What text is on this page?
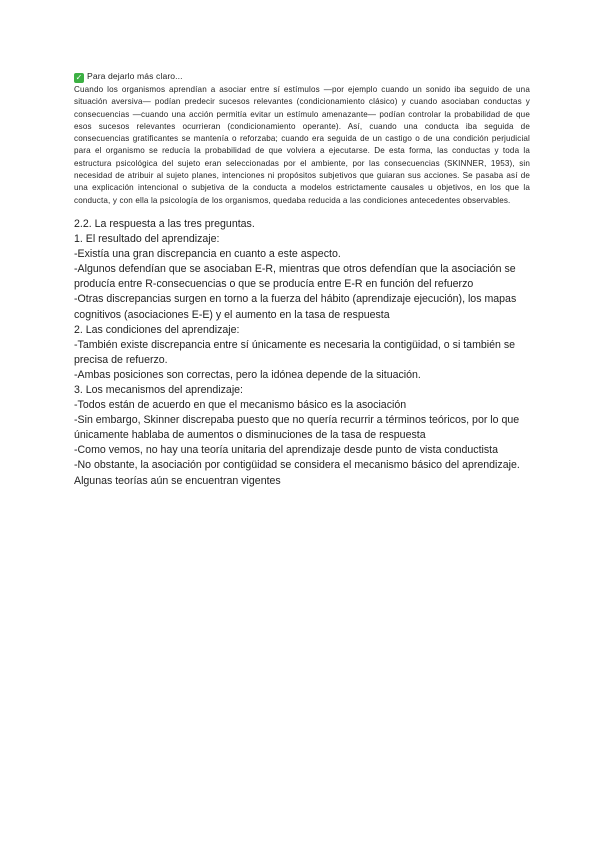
✓ Para dejarlo más claro...

Cuando los organismos aprendían a asociar entre sí estímulos —por ejemplo cuando un sonido iba seguido de una situación aversiva— podían predecir sucesos relevantes (condicionamiento clásico) y cuando asociaban conductas y consecuencias —cuando una acción permitía evitar un estímulo amenazante— podían controlar la probabilidad de que esos sucesos relevantes ocurrieran (condicionamiento operante). Así, cuando una conducta iba seguida de consecuencias gratificantes se mantenía o reforzaba; cuando era seguida de un castigo o de una condición perjudicial para el organismo se reducía la probabilidad de que volviera a ejecutarse. De esta forma, las conductas y toda la estructura psicológica del sujeto eran seleccionadas por el ambiente, por las consecuencias (SKINNER, 1953), sin necesidad de atribuir al sujeto planes, intenciones ni propósitos subjetivos que guiaran sus acciones. Se pasaba así de una explicación intencional o subjetiva de la conducta a modelos estrictamente causales u objetivos, en los que la conducta, y con ella la psicología de los organismos, quedaba reducida a las condiciones antecedentes observables.

2.2. La respuesta a las tres preguntas.

1. El resultado del aprendizaje:

-Existía una gran discrepancia en cuanto a este aspecto.

-Algunos defendían que se asociaban E-R, mientras que otros defendían que la asociación se producía entre R-consecuencias o que se producía entre E-R en función del refuerzo

-Otras discrepancias surgen en torno a la fuerza del hábito (aprendizaje ejecución), los mapas cognitivos (asociaciones E-E) y el aumento en la tasa de respuesta

2. Las condiciones del aprendizaje:

-También existe discrepancia entre sí únicamente es necesaria la contigüidad, o si también se precisa de refuerzo.

-Ambas posiciones son correctas, pero la idónea depende de la situación.

3. Los mecanismos del aprendizaje:

-Todos están de acuerdo en que el mecanismo básico es la asociación

-Sin embargo, Skinner discrepaba puesto que no quería recurrir a términos teóricos, por lo que únicamente hablaba de aumentos o disminuciones de la tasa de respuesta

-Como vemos, no hay una teoría unitaria del aprendizaje desde punto de vista conductista

-No obstante, la asociación por contigüidad se considera el mecanismo básico del aprendizaje. Algunas teorías aún se encuentran vigentes
